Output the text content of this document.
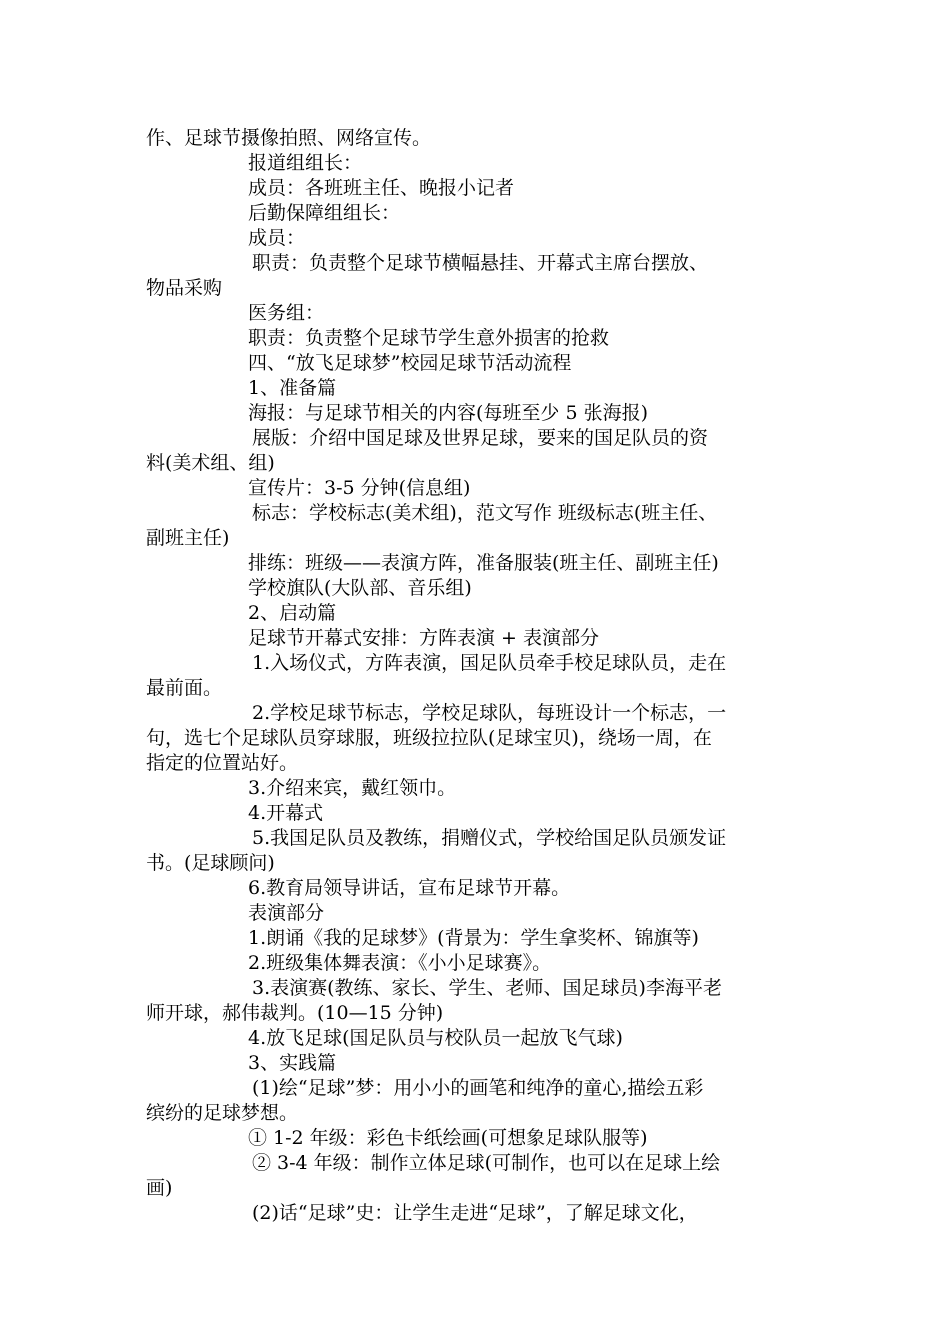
作、足球节摄像拍照、网络宣传。
报道组组长：
成员：各班班主任、晚报小记者
后勤保障组组长：
成员：
职责：负责整个足球节横幅悬挂、开幕式主席台摆放、
物品采购
医务组：
职责：负责整个足球节学生意外损害的抢救
四、“放飞足球梦”校园足球节活动流程
1、准备篇
海报：与足球节相关的内容(每班至少 5 张海报)
展版：介绍中国足球及世界足球，要来的国足队员的资
料(美术组、组)
宣传片：3-5 分钟(信息组)
标志：学校标志(美术组)，范文写作 班级标志(班主任、
副班主任)
排练：班级——表演方阵，准备服装(班主任、副班主任)
学校旗队(大队部、音乐组)
2、启动篇
足球节开幕式安排：方阵表演 + 表演部分
1.入场仪式，方阵表演，国足队员牵手校足球队员，走在
最前面。
2.学校足球节标志，学校足球队，每班设计一个标志，一
句，选七个足球队员穿球服，班级拉拉队(足球宝贝)，绕场一周，在
指定的位置站好。
3.介绍来宾，戴红领巾。
4.开幕式
5.我国足队员及教练，捐赠仪式，学校给国足队员颁发证
书。(足球顾问)
6.教育局领导讲话，宣布足球节开幕。
表演部分
1.朗诵《我的足球梦》(背景为：学生拿奖杯、锦旗等)
2.班级集体舞表演：《小小足球赛》。
3.表演赛(教练、家长、学生、老师、国足球员)李海平老
师开球，郝伟裁判。(10—15 分钟)
4.放飞足球(国足队员与校队员一起放飞气球)
3、实践篇
(1)绘“足球”梦：用小小的画笔和纯净的童心,描绘五彩
缤纷的足球梦想。
① 1-2 年级：彩色卡纸绘画(可想象足球队服等)
② 3-4 年级：制作立体足球(可制作，也可以在足球上绘
画)
(2)话“足球”史：让学生走进“足球”，了解足球文化，
